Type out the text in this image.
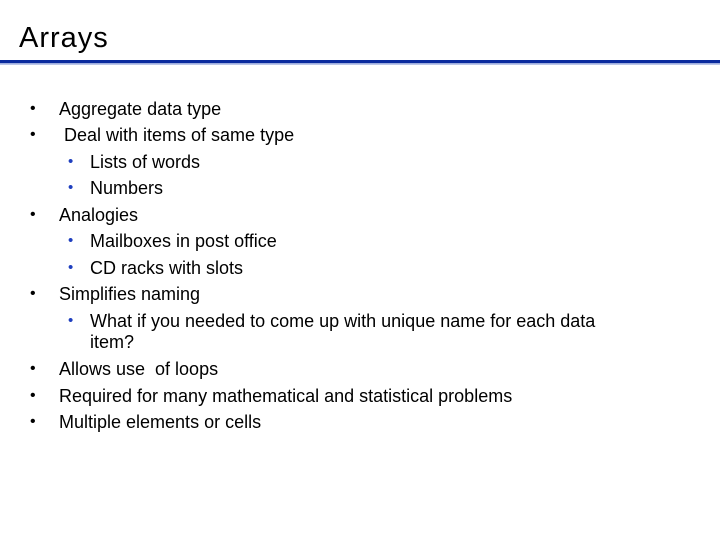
Arrays
• Aggregate data type
• Deal with items of same type
• Lists of words
• Numbers
• Analogies
• Mailboxes in post office
• CD racks with slots
• Simplifies naming
• What if you needed to come up with unique name for each data
item?
• Allows use  of loops
• Required for many mathematical and statistical problems
• Multiple elements or cells
